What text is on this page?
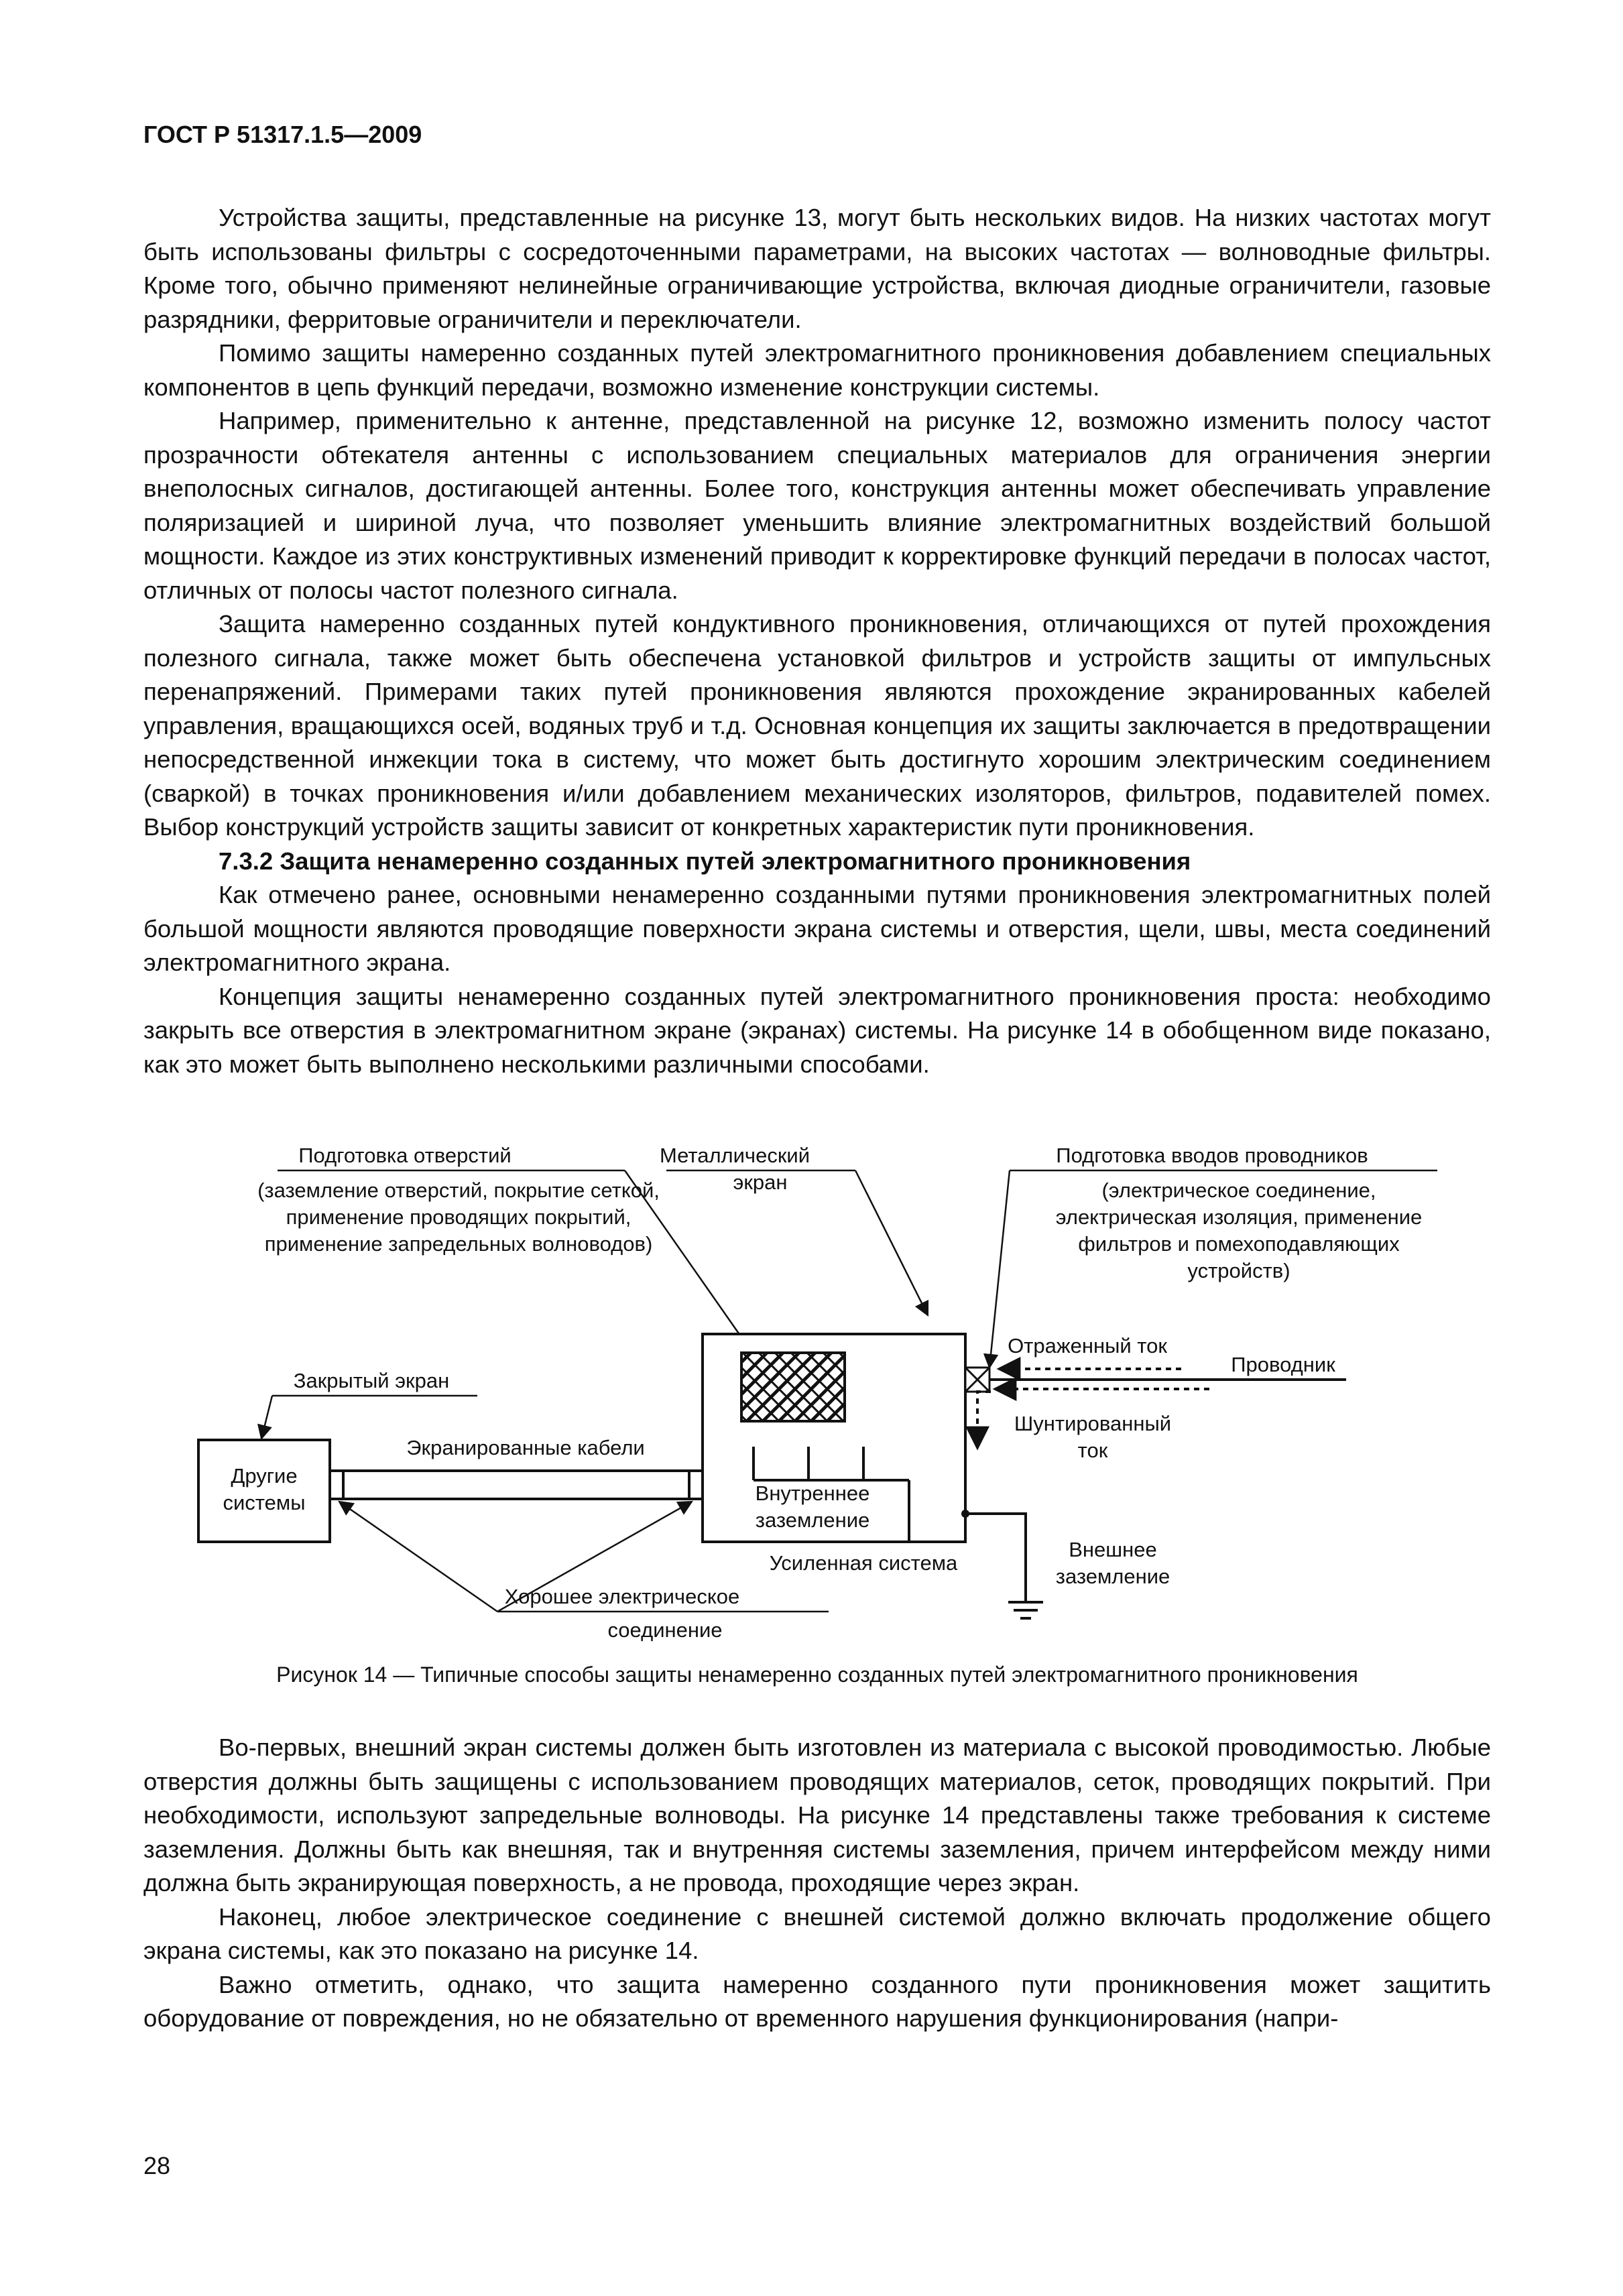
ГОСТ Р 51317.1.5—2009

Устройства защиты, представленные на рисунке 13, могут быть нескольких видов. На низких частотах могут быть использованы фильтры с сосредоточенными параметрами, на высоких частотах — волноводные фильтры. Кроме того, обычно применяют нелинейные ограничивающие устройства, включая диодные ограничители, газовые разрядники, ферритовые ограничители и переключатели.

Помимо защиты намеренно созданных путей электромагнитного проникновения добавлением специальных компонентов в цепь функций передачи, возможно изменение конструкции системы.

Например, применительно к антенне, представленной на рисунке 12, возможно изменить полосу частот прозрачности обтекателя антенны с использованием специальных материалов для ограничения энергии внеполосных сигналов, достигающей антенны. Более того, конструкция антенны может обеспечивать управление поляризацией и шириной луча, что позволяет уменьшить влияние электромагнитных воздействий большой мощности. Каждое из этих конструктивных изменений приводит к корректировке функций передачи в полосах частот, отличных от полосы частот полезного сигнала.

Защита намеренно созданных путей кондуктивного проникновения, отличающихся от путей прохождения полезного сигнала, также может быть обеспечена установкой фильтров и устройств защиты от импульсных перенапряжений. Примерами таких путей проникновения являются прохождение экранированных кабелей управления, вращающихся осей, водяных труб и т.д. Основная концепция их защиты заключается в предотвращении непосредственной инжекции тока в систему, что может быть достигнуто хорошим электрическим соединением (сваркой) в точках проникновения и/или добавлением механических изоляторов, фильтров, подавителей помех. Выбор конструкций устройств защиты зависит от конкретных характеристик пути проникновения.

7.3.2 Защита ненамеренно созданных путей электромагнитного проникновения

Как отмечено ранее, основными ненамеренно созданными путями проникновения электромагнитных полей большой мощности являются проводящие поверхности экрана системы и отверстия, щели, швы, места соединений электромагнитного экрана.

Концепция защиты ненамеренно созданных путей электромагнитного проникновения проста: необходимо закрыть все отверстия в электромагнитном экране (экранах) системы. На рисунке 14 в обобщенном виде показано, как это может быть выполнено несколькими различными способами.

Подготовка отверстий
(заземление отверстий, покрытие сеткой,
применение проводящих покрытий,
применение запредельных волноводов)
Металлический
экран
Подготовка вводов проводников
(электрическое соединение,
электрическая изоляция, применение
фильтров и помехоподавляющих
устройств)
Закрытый экран
Другие
системы
Экранированные кабели
Внутреннее
заземление
Усиленная система
Проводник
Отраженный ток
Шунтированный
ток
Внешнее
заземление
Хорошее электрическое
соединение
Рисунок 14 — Типичные способы защиты ненамеренно созданных путей электромагнитного проникновения

Во-первых, внешний экран системы должен быть изготовлен из материала с высокой проводимостью. Любые отверстия должны быть защищены с использованием проводящих материалов, сеток, проводящих покрытий. При необходимости, используют запредельные волноводы. На рисунке 14 представлены также требования к системе заземления. Должны быть как внешняя, так и внутренняя системы заземления, причем интерфейсом между ними должна быть экранирующая поверхность, а не провода, проходящие через экран.

Наконец, любое электрическое соединение с внешней системой должно включать продолжение общего экрана системы, как это показано на рисунке 14.

Важно отметить, однако, что защита намеренно созданного пути проникновения может защитить оборудование от повреждения, но не обязательно от временного нарушения функционирования (напри-

28
